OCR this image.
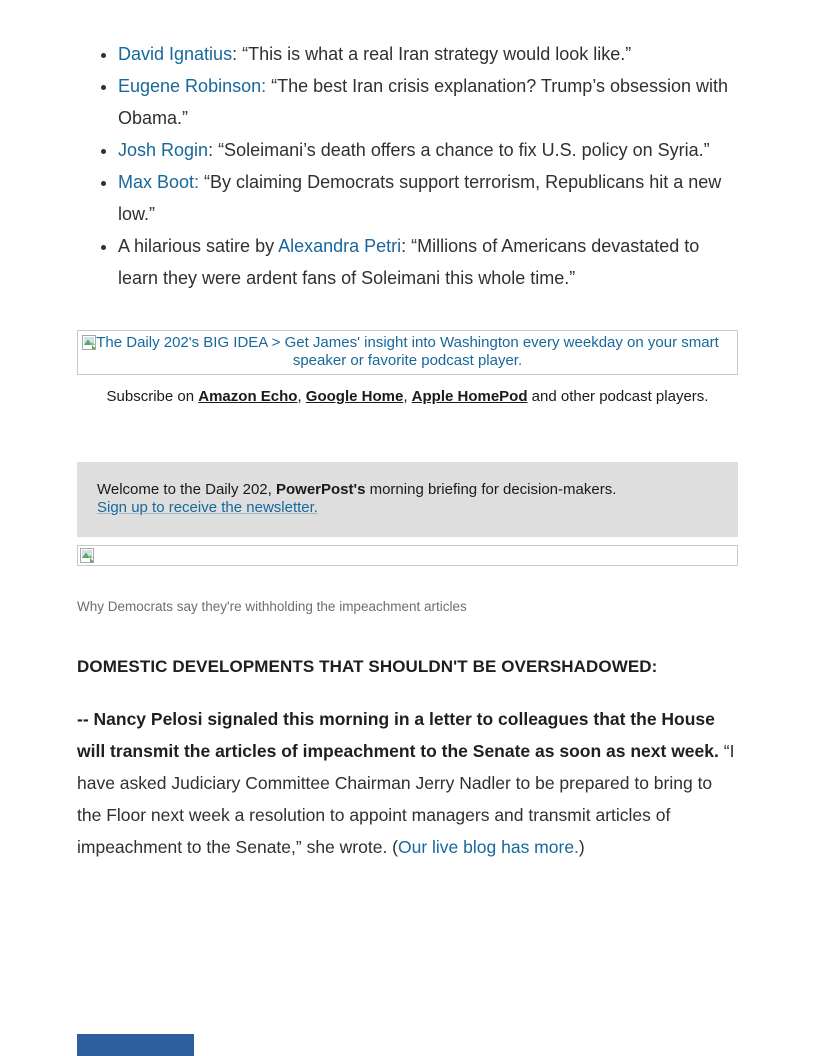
• David Ignatius: “This is what a real Iran strategy would look like.”
• Eugene Robinson: “The best Iran crisis explanation? Trump’s obsession with Obama.”
• Josh Rogin: “Soleimani’s death offers a chance to fix U.S. policy on Syria.”
• Max Boot: “By claiming Democrats support terrorism, Republicans hit a new low.”
• A hilarious satire by Alexandra Petri: “Millions of Americans devastated to learn they were ardent fans of Soleimani this whole time.”
The Daily 202's BIG IDEA > Get James' insight into Washington every weekday on your smart speaker or favorite podcast player.
Subscribe on Amazon Echo, Google Home, Apple HomePod and other podcast players.
Welcome to the Daily 202, PowerPost's morning briefing for decision-makers.
Sign up to receive the newsletter.
Why Democrats say they're withholding the impeachment articles
DOMESTIC DEVELOPMENTS THAT SHOULDN'T BE OVERSHADOWED:
-- Nancy Pelosi signaled this morning in a letter to colleagues that the House will transmit the articles of impeachment to the Senate as soon as next week. “I have asked Judiciary Committee Chairman Jerry Nadler to be prepared to bring to the Floor next week a resolution to appoint managers and transmit articles of impeachment to the Senate,” she wrote. (Our live blog has more.)
